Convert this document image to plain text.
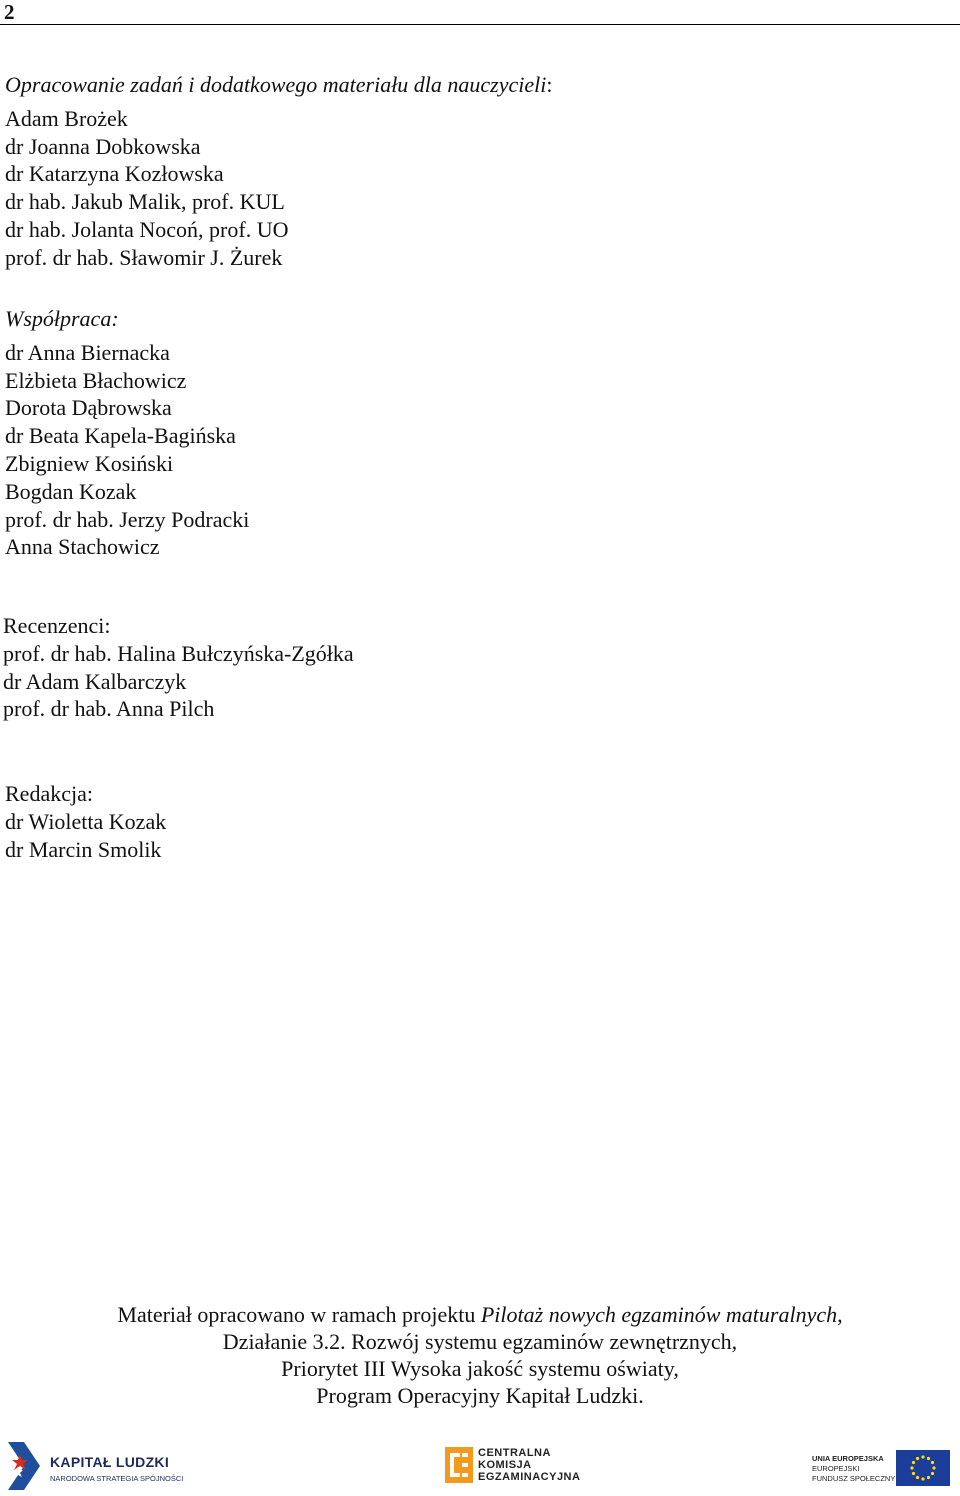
2
Opracowanie zadań i dodatkowego materiału dla nauczycieli:
Adam Brożek
dr Joanna Dobkowska
dr Katarzyna Kozłowska
dr hab. Jakub Malik, prof. KUL
dr hab. Jolanta Nocoń, prof. UO
prof. dr hab. Sławomir J. Żurek
Współpraca:
dr Anna Biernacka
Elżbieta Błachowicz
Dorota Dąbrowska
dr Beata Kapela-Bagińska
Zbigniew Kosiński
Bogdan Kozak
prof. dr hab. Jerzy Podracki
Anna Stachowicz
Recenzenci:
prof. dr hab. Halina Bułczyńska-Zgółka
dr Adam Kalbarczyk
prof. dr hab. Anna Pilch
Redakcja:
dr Wioletta Kozak
dr Marcin Smolik
Materiał opracowano w ramach projektu Pilotaż nowych egzaminów maturalnych,
Działanie 3.2. Rozwój systemu egzaminów zewnętrznych,
Priorytet III Wysoka jakość systemu oświaty,
Program Operacyjny Kapitał Ludzki.
KAPITAŁ LUDZKI
NARODOWA STRATEGIA SPÓJNOŚCI
CENTRALNA
KOMISJA
EGZAMINACYJNA
UNIA EUROPEJSKA
EUROPEJSKI
FUNDUSZ SPOŁECZNY
